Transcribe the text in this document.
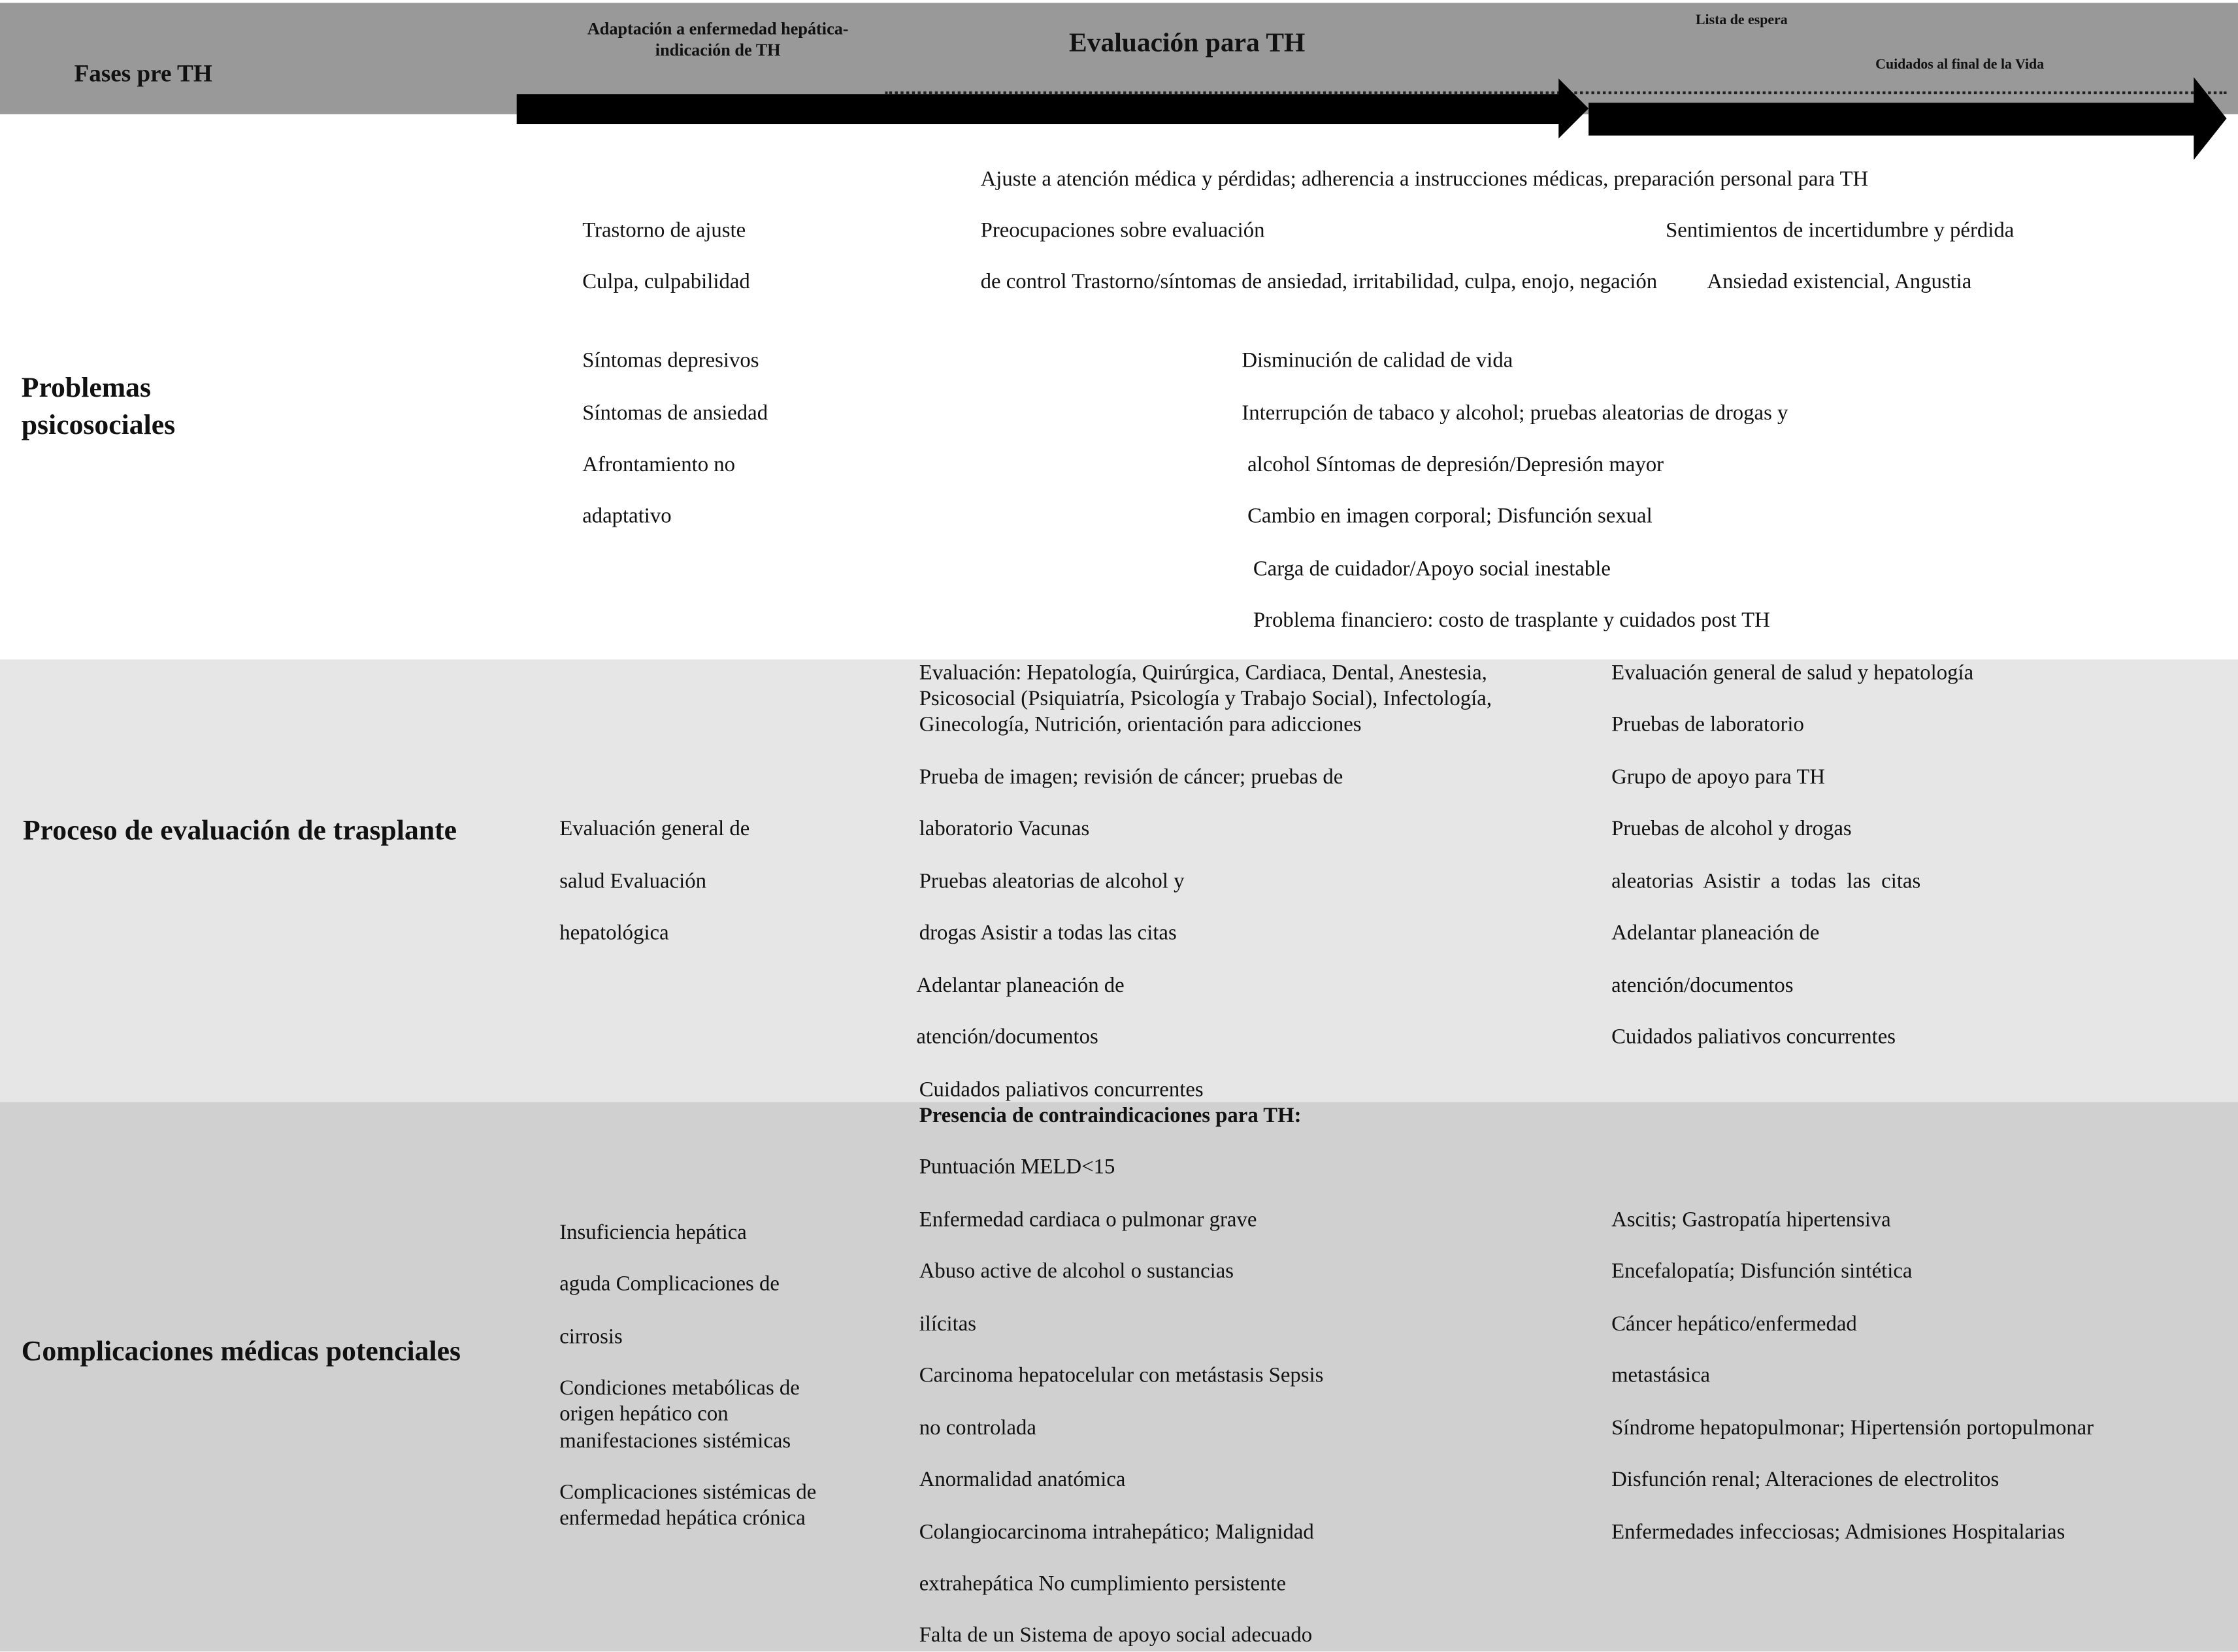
Fases pre TH
Adaptación a enfermedad hepática-
indicación de TH	Evaluación para TH
Lista de espera
Cuidados al final de la Vida
Problemas
psicosociales
Trastorno de ajuste
Culpa, culpabilidad
Síntomas depresivos
Síntomas de ansiedad
Afrontamiento no
adaptativo
Ajuste a atención médica y pérdidas; adherencia a instrucciones médicas, preparación personal para TH
Preocupaciones sobre evaluación
de control Trastorno/síntomas de ansiedad, irritabilidad, culpa, enojo, negación
Sentimientos de incertidumbre y pérdida
Ansiedad existencial, Angustia
Disminución de calidad de vida
Interrupción de tabaco y alcohol; pruebas aleatorias de drogas y
alcohol Síntomas de depresión/Depresión mayor
Cambio en imagen corporal; Disfunción sexual
Carga de cuidador/Apoyo social inestable
Problema financiero: costo de trasplante y cuidados post TH
Proceso de evaluación de trasplante	Evaluación general de
salud Evaluación
hepatológica
Evaluación: Hepatología, Quirúrgica, Cardiaca, Dental, Anestesia,
Psicosocial (Psiquiatría, Psicología y Trabajo Social), Infectología,
Ginecología, Nutrición, orientación para adicciones
Prueba de imagen; revisión de cáncer; pruebas de
laboratorio Vacunas
Pruebas aleatorias de alcohol y
drogas Asistir a todas las citas
Adelantar planeación de
atención/documentos
Cuidados paliativos concurrentes
Evaluación general de salud y hepatología
Pruebas de laboratorio
Grupo de apoyo para TH
Pruebas de alcohol y drogas
aleatorias  Asistir  a  todas  las  citas
Adelantar planeación de
atención/documentos
Cuidados paliativos concurrentes
Complicaciones médicas potenciales
Insuficiencia hepática
aguda Complicaciones de
cirrosis
Condiciones metabólicas de
origen hepático con
manifestaciones sistémicas
Complicaciones sistémicas de
enfermedad hepática crónica
Presencia de contraindicaciones para TH:
Puntuación MELD<15
Enfermedad cardiaca o pulmonar grave
Abuso active de alcohol o sustancias
ilícitas
Carcinoma hepatocelular con metástasis Sepsis
no controlada
Anormalidad anatómica
Colangiocarcinoma intrahepático; Malignidad
extrahepática No cumplimiento persistente
Falta de un Sistema de apoyo social adecuado
Ascitis; Gastropatía hipertensiva
Encefalopatía; Disfunción sintética
Cáncer hepático/enfermedad
metastásica
Síndrome hepatopulmonar; Hipertensión portopulmonar
Disfunción renal; Alteraciones de electrolitos
Enfermedades infecciosas; Admisiones Hospitalarias
